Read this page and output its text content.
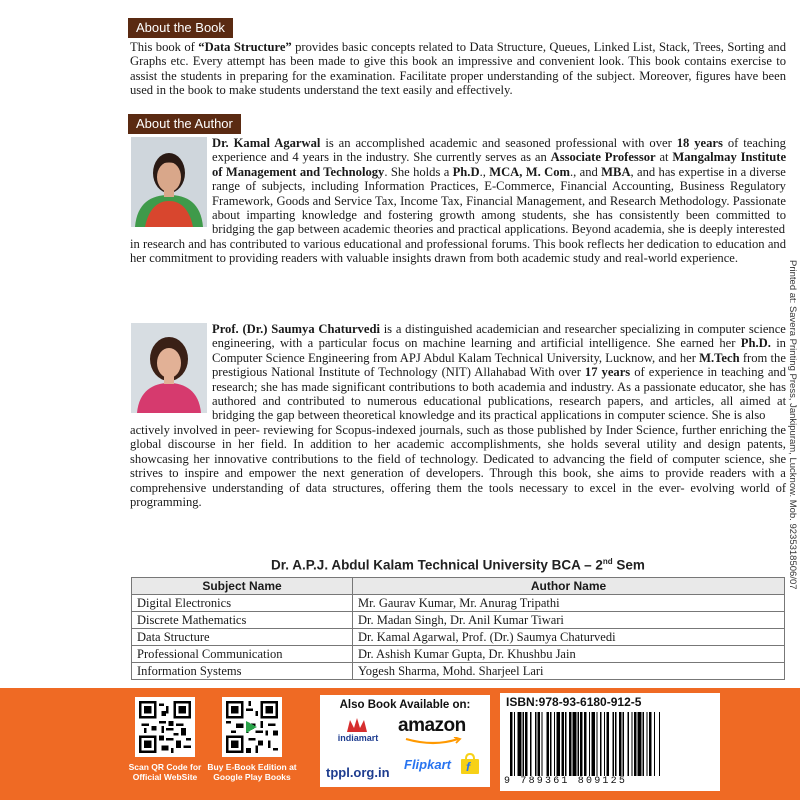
About the Book

This book of “Data Structure” provides basic concepts related to Data Structure, Queues, Linked List, Stack, Trees, Sorting and Graphs etc. Every attempt has been made to give this book an impressive and convenient look. This book contains exercise to assist the students in preparing for the examination. Facilitate proper understanding of the subject. Moreover, figures have been used in the book to make students understand the text easily and effectively.

About the Author

Dr. Kamal Agarwal is an accomplished academic and seasoned professional with over 18 years of teaching experience and 4 years in the industry. She currently serves as an Associate Professor at Mangalmay Institute of Management and Technology. She holds a Ph.D., MCA, M. Com., and MBA, and has expertise in a diverse range of subjects, including Information Practices, E-Commerce, Financial Accounting, Business Regulatory Framework, Goods and Service Tax, Income Tax, Financial Management, and Research Methodology. Passionate about imparting knowledge and fostering growth among students, she has consistently been committed to bridging the gap between academic theories and practical applications. Beyond academia, she is deeply interested

in research and has contributed to various educational and professional forums. This book reflects her dedication to education and her commitment to providing readers with valuable insights drawn from both academic study and real-world experience.

Prof. (Dr.) Saumya Chaturvedi is a distinguished academician and researcher specializing in computer science engineering, with a particular focus on machine learning and artificial intelligence. She earned her Ph.D. in Computer Science Engineering from APJ Abdul Kalam Technical University, Lucknow, and her M.Tech from the prestigious National Institute of Technology (NIT) Allahabad With over 17 years of experience in teaching and research; she has made significant contributions to both academia and industry. As a passionate educator, she has authored and contributed to numerous educational publications, research papers, and articles, all aimed at bridging the gap between theoretical knowledge and its practical applications in computer science. She is also

actively involved in peer- reviewing for Scopus-indexed journals, such as those published by Inder Science, further enriching the global discourse in her field. In addition to her academic accomplishments, she holds several utility and design patents, showcasing her innovative contributions to the field of technology. Dedicated to advancing the field of computer science, she strives to inspire and empower the next generation of developers. Through this book, she aims to provide readers with a comprehensive understanding of data structures, offering them the tools necessary to excel in the ever- evolving world of programming.	Printed at: Savera Printing Press, Jankipuram, Lucknow. Mob. 9235318506/07
Dr. A.P.J. Abdul Kalam Technical University BCA – 2nd Sem
Subject Name	Author Name
Digital Electronics	Mr. Gaurav Kumar, Mr. Anurag Tripathi
Discrete Mathematics	Dr. Madan Singh, Dr. Anil Kumar Tiwari
Data Structure	Dr. Kamal Agarwal, Prof. (Dr.) Saumya Chaturvedi
Professional Communication	Dr. Ashish Kumar Gupta, Dr. Khushbu Jain
Information Systems	Yogesh Sharma, Mohd. Sharjeel Lari
Scan QR Code for
Official WebSite
Buy E-Book Edition at
Google Play Books
Also Book Available on:
indiamart
amazon
tppl.org.in
Flipkart f
ISBN:978-93-6180-912-5
9 789361 809125
